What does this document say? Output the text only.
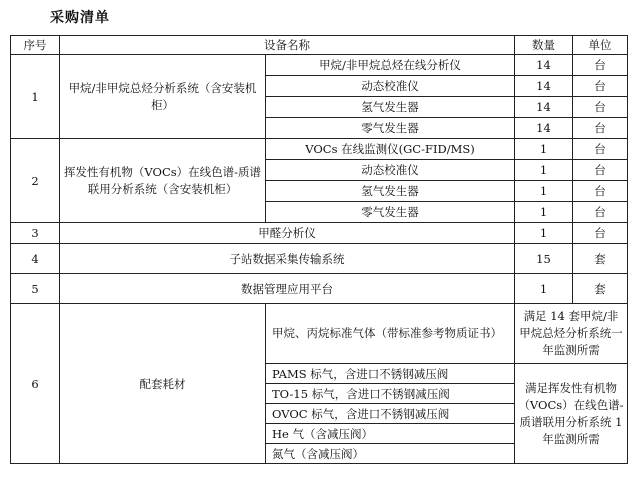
采购清单
序号	设备名称		数量	单位
1	甲烷/非甲烷总烃分析系统（含安装机柜）	甲烷/非甲烷总烃在线分析仪	14	台
		动态校准仪	14	台
		氢气发生器	14	台
		零气发生器	14	台
2	挥发性有机物（VOCs）在线色谱-质谱联用分析系统（含安装机柜）	VOCs 在线监测仪(GC-FID/MS)	1	台
		动态校准仪	1	台
		氢气发生器	1	台
		零气发生器	1	台
3	甲醛分析仪		1	台
4	子站数据采集传输系统		15	套
5	数据管理应用平台		1	套
6	配套耗材	甲烷、丙烷标准气体（带标准参考物质证书）	满足 14 套甲烷/非甲烷总烃分析系统一年监测所需	
		PAMS 标气，含进口不锈钢减压阀	满足挥发性有机物（VOCs）在线色谱-质谱联用分析系统 1 年监测所需	
		TO-15 标气，含进口不锈钢减压阀		
		OVOC 标气，含进口不锈钢减压阀		
		He 气（含减压阀）		
		氮气（含减压阀）		
